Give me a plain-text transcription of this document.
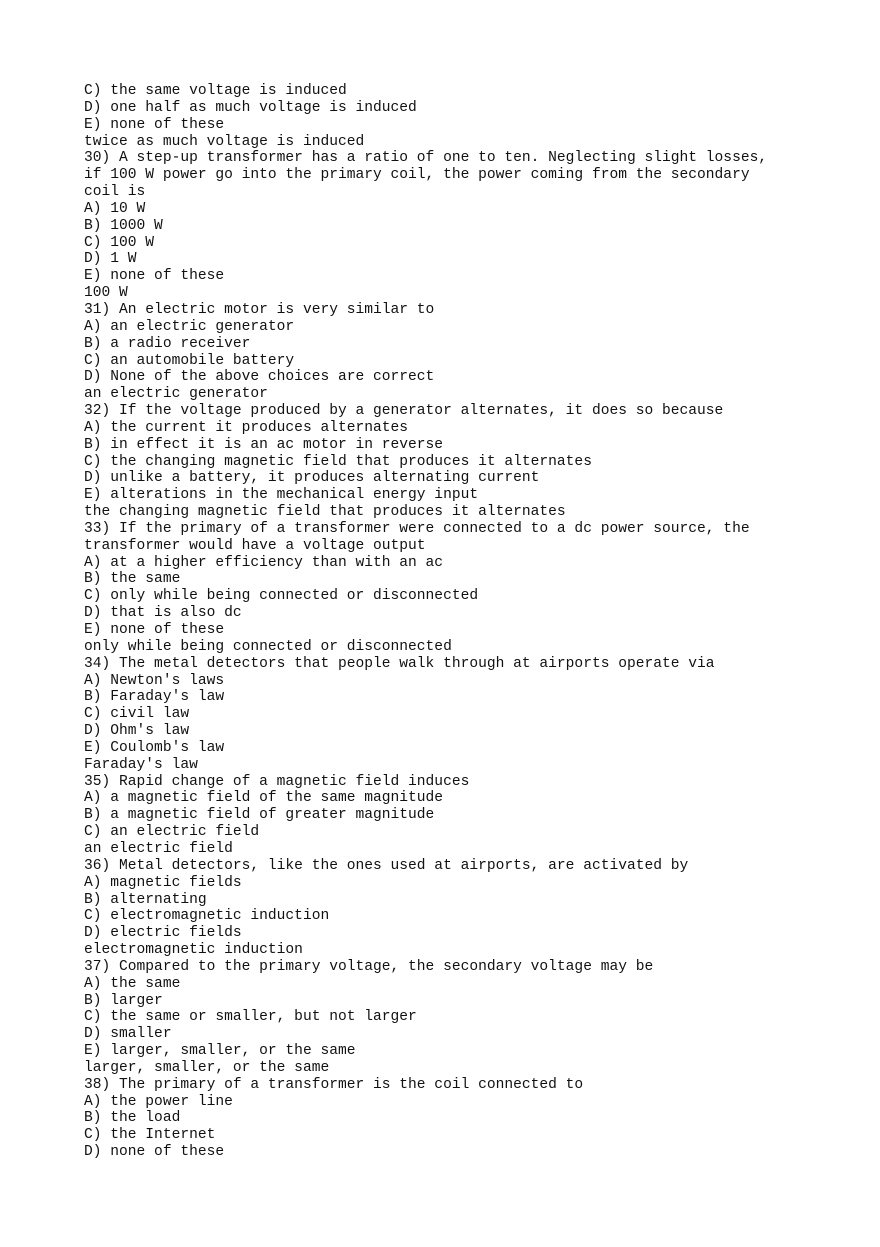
C) the same voltage is induced
D) one half as much voltage is induced
E) none of these
twice as much voltage is induced
30) A step-up transformer has a ratio of one to ten. Neglecting slight losses,
if 100 W power go into the primary coil, the power coming from the secondary
coil is
A) 10 W
B) 1000 W
C) 100 W
D) 1 W
E) none of these
100 W
31) An electric motor is very similar to
A) an electric generator
B) a radio receiver
C) an automobile battery
D) None of the above choices are correct
an electric generator
32) If the voltage produced by a generator alternates, it does so because
A) the current it produces alternates
B) in effect it is an ac motor in reverse
C) the changing magnetic field that produces it alternates
D) unlike a battery, it produces alternating current
E) alterations in the mechanical energy input
the changing magnetic field that produces it alternates
33) If the primary of a transformer were connected to a dc power source, the
transformer would have a voltage output
A) at a higher efficiency than with an ac
B) the same
C) only while being connected or disconnected
D) that is also dc
E) none of these
only while being connected or disconnected
34) The metal detectors that people walk through at airports operate via
A) Newton's laws
B) Faraday's law
C) civil law
D) Ohm's law
E) Coulomb's law
Faraday's law
35) Rapid change of a magnetic field induces
A) a magnetic field of the same magnitude
B) a magnetic field of greater magnitude
C) an electric field
an electric field
36) Metal detectors, like the ones used at airports, are activated by
A) magnetic fields
B) alternating
C) electromagnetic induction
D) electric fields
electromagnetic induction
37) Compared to the primary voltage, the secondary voltage may be
A) the same
B) larger
C) the same or smaller, but not larger
D) smaller
E) larger, smaller, or the same
larger, smaller, or the same
38) The primary of a transformer is the coil connected to
A) the power line
B) the load
C) the Internet
D) none of these
